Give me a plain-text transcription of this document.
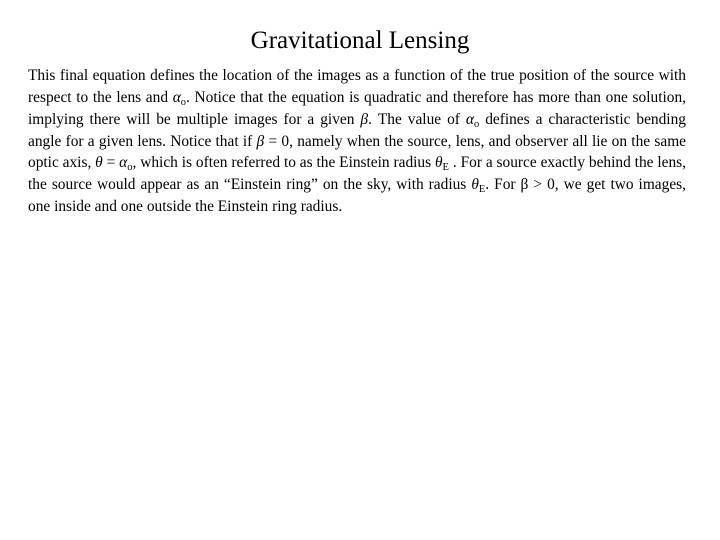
Gravitational Lensing

This final equation defines the location of the images as a function of the true position of the source with respect to the lens and $\alpha_o$. Notice that the equation is quadratic and therefore has more than one solution, implying there will be multiple images for a given β. The value of $\alpha_o$ defines a characteristic bending angle for a given lens. Notice that if β = 0, namely when the source, lens, and observer all lie on the same optic axis, $\theta = \alpha_o$, which is often referred to as the Einstein radius $\theta_E$ . For a source exactly behind the lens, the source would appear as an “Einstein ring” on the sky, with radius $\theta_E$. For β > 0, we get two images, one inside and one outside the Einstein ring radius.
